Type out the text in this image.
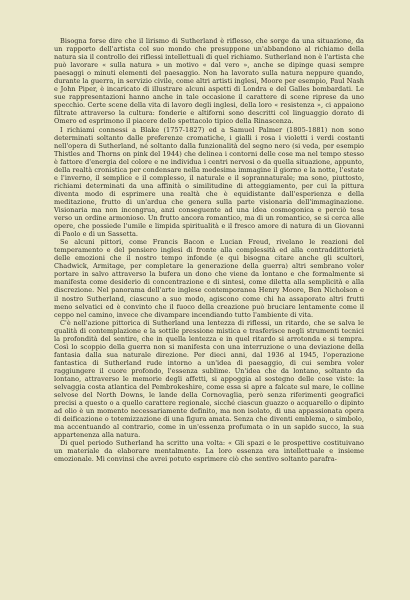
Bisogna forse dire che il lirismo di Sutherland è riflesso, che sorge da una situazione, da un rapporto dell'artista col suo mondo che presuppone un'abbandono al richiamo della natura sia il controllo dei riflessi intellettuali di quel richiamo. Sutherland non è l'artista che può lavorare « sulla natura » un motivo « dal vero », anche se dipinge quasi sempre paesaggi o minuti elementi del paesaggio. Non ha lavorato sulla natura neppure quando, durante la guerra, in servizio civile, come altri artisti inglesi, Moore per esempio, Paul Nash e John Piper, è incaricato di illustrare alcuni aspetti di Londra e del Galles bombardati. Le sue rappresentazioni hanno anche in tale occasione il carattere di scene riprese da uno specchio. Certe scene della vita di lavoro degli inglesi, della loro « resistenza », ci appaiono filtrate attraverso la cultura: fonderie e altiforni sono descritti col linguaggio dorato di Omero ed esprimono il piacere dello spettacolo tipico della Rinascenza.

I richiami connessi a Blake (1757-1827) ed a Samuel Palmer (1805-1881) non sono determinati soltanto dalle preferenze cromatiche, i gialli i rosa i violetti i verdi costanti nell'opera di Sutherland, né soltanto dalla funzionalità del segno nero (si veda, per esempio Thistles and Thorns on pink del 1944) che delinea i contorni delle cose ma nel tempo stesso è fattore d'energia del colore e ne individua i centri nervosi o da quella situazione, appunto, della realtà cronistica per condensare nella medesima immagine il giorno e la notte, l'estate e l'inverno, il semplice e il complesso, il naturale e il soprannaturale; ma sono, piuttosto, richiami determinati da una affinità o similitudine di atteggiamento, per cui la pittura diventa modo di esprimere una realtà che è equidistante dall'esperienza e della meditazione, frutto di un'ardua che genera sulla parte visionaria dell'immaginazione. Visionaria ma non incongrua, anzi conseguente ad una idea cosmogonica e perciò tesa verso un ordine armonioso. Un frutto ancora romantico, ma di un romantico, se si cerca alle opere, che possiede l'umile e limpida spiritualità e il fresco amore di natura di un Giovanni di Paolo e di un Sassetta.

Se alcuni pittori, come Francis Bacon e Lucian Freud, rivelano le reazioni del temperamento e del pensiero inglesi di fronte alla complessità ed alla contraddittorietà delle emozioni che il nostro tempo infonde (e qui bisogna citare anche gli scultori, Chadwick, Armitage, per completare la generazione della guerra) altri sembrano voler portare in salvo attraverso la bufera un dono che viene da lontano e che formalmente si manifesta come desiderio di concentrazione e di sintesi, come diletta alla semplicità e alla discrezione. Nel panorama dell'arte inglese contemporanea Henry Moore, Ben Nicholson e il nostro Sutherland, ciascuno a suo modo, agiscono come chi ha assaporato altri frutti meno selvatici ed è convinto che il fuoco della creazione può bruciare lentamente come il ceppo nel camino, invece che divampare incendiando tutto l'ambiente di vita.

C'è nell'azione pittorica di Sutherland una lentezza di riflessi, un ritardo, che se salva le qualità di contemplazione e la sottile pressione mistica e trasferisce negli strumenti tecnici la profondità del sentire, che in quella lentezza e in quel ritardo si arrotonda e si tempra. Così lo scoppio della guerra non si manifesta con una interruzione o una deviazione della fantasia dalla sua naturale direzione. Per dieci anni, dal 1936 al 1945, l'operazione fantastica di Sutherland rude intorno a un'idea di paesaggio, di cui sembra voler raggiungere il cuore profondo, l'essenza sublime. Un'idea che da lontano, soltanto da lontano, attraverso le memorie degli affetti, si appoggia al sostegno delle cose viste: la selvaggia costa atlantica del Pembrokeshire, come essa si apre a falcate sul mare, le colline selvose del North Downs, le lande della Cornovaglia, però senza riferimenti geografici precisi a questo o a quello carattere regionale, sicché ciascun guazzo o acquarello o dipinto ad olio è un momento necessariamente definito, ma non isolato, di una appassionata opera di deificazione o totemizzazione di una figura amata. Senza che diventi emblema, o simbolo, ma accentuando al contrario, come in un'essenza profumata o in un sapido succo, la sua appartenenza alla natura.

Di quel periodo Sutherland ha scritto una volta: « Gli spazi e le prospettive costituivano un materiale da elaborare mentalmente. La loro essenza era intellettuale e insieme emozionale. Mi convinsi che avrei potuto esprimere ciò che sentivo soltanto parafra-
